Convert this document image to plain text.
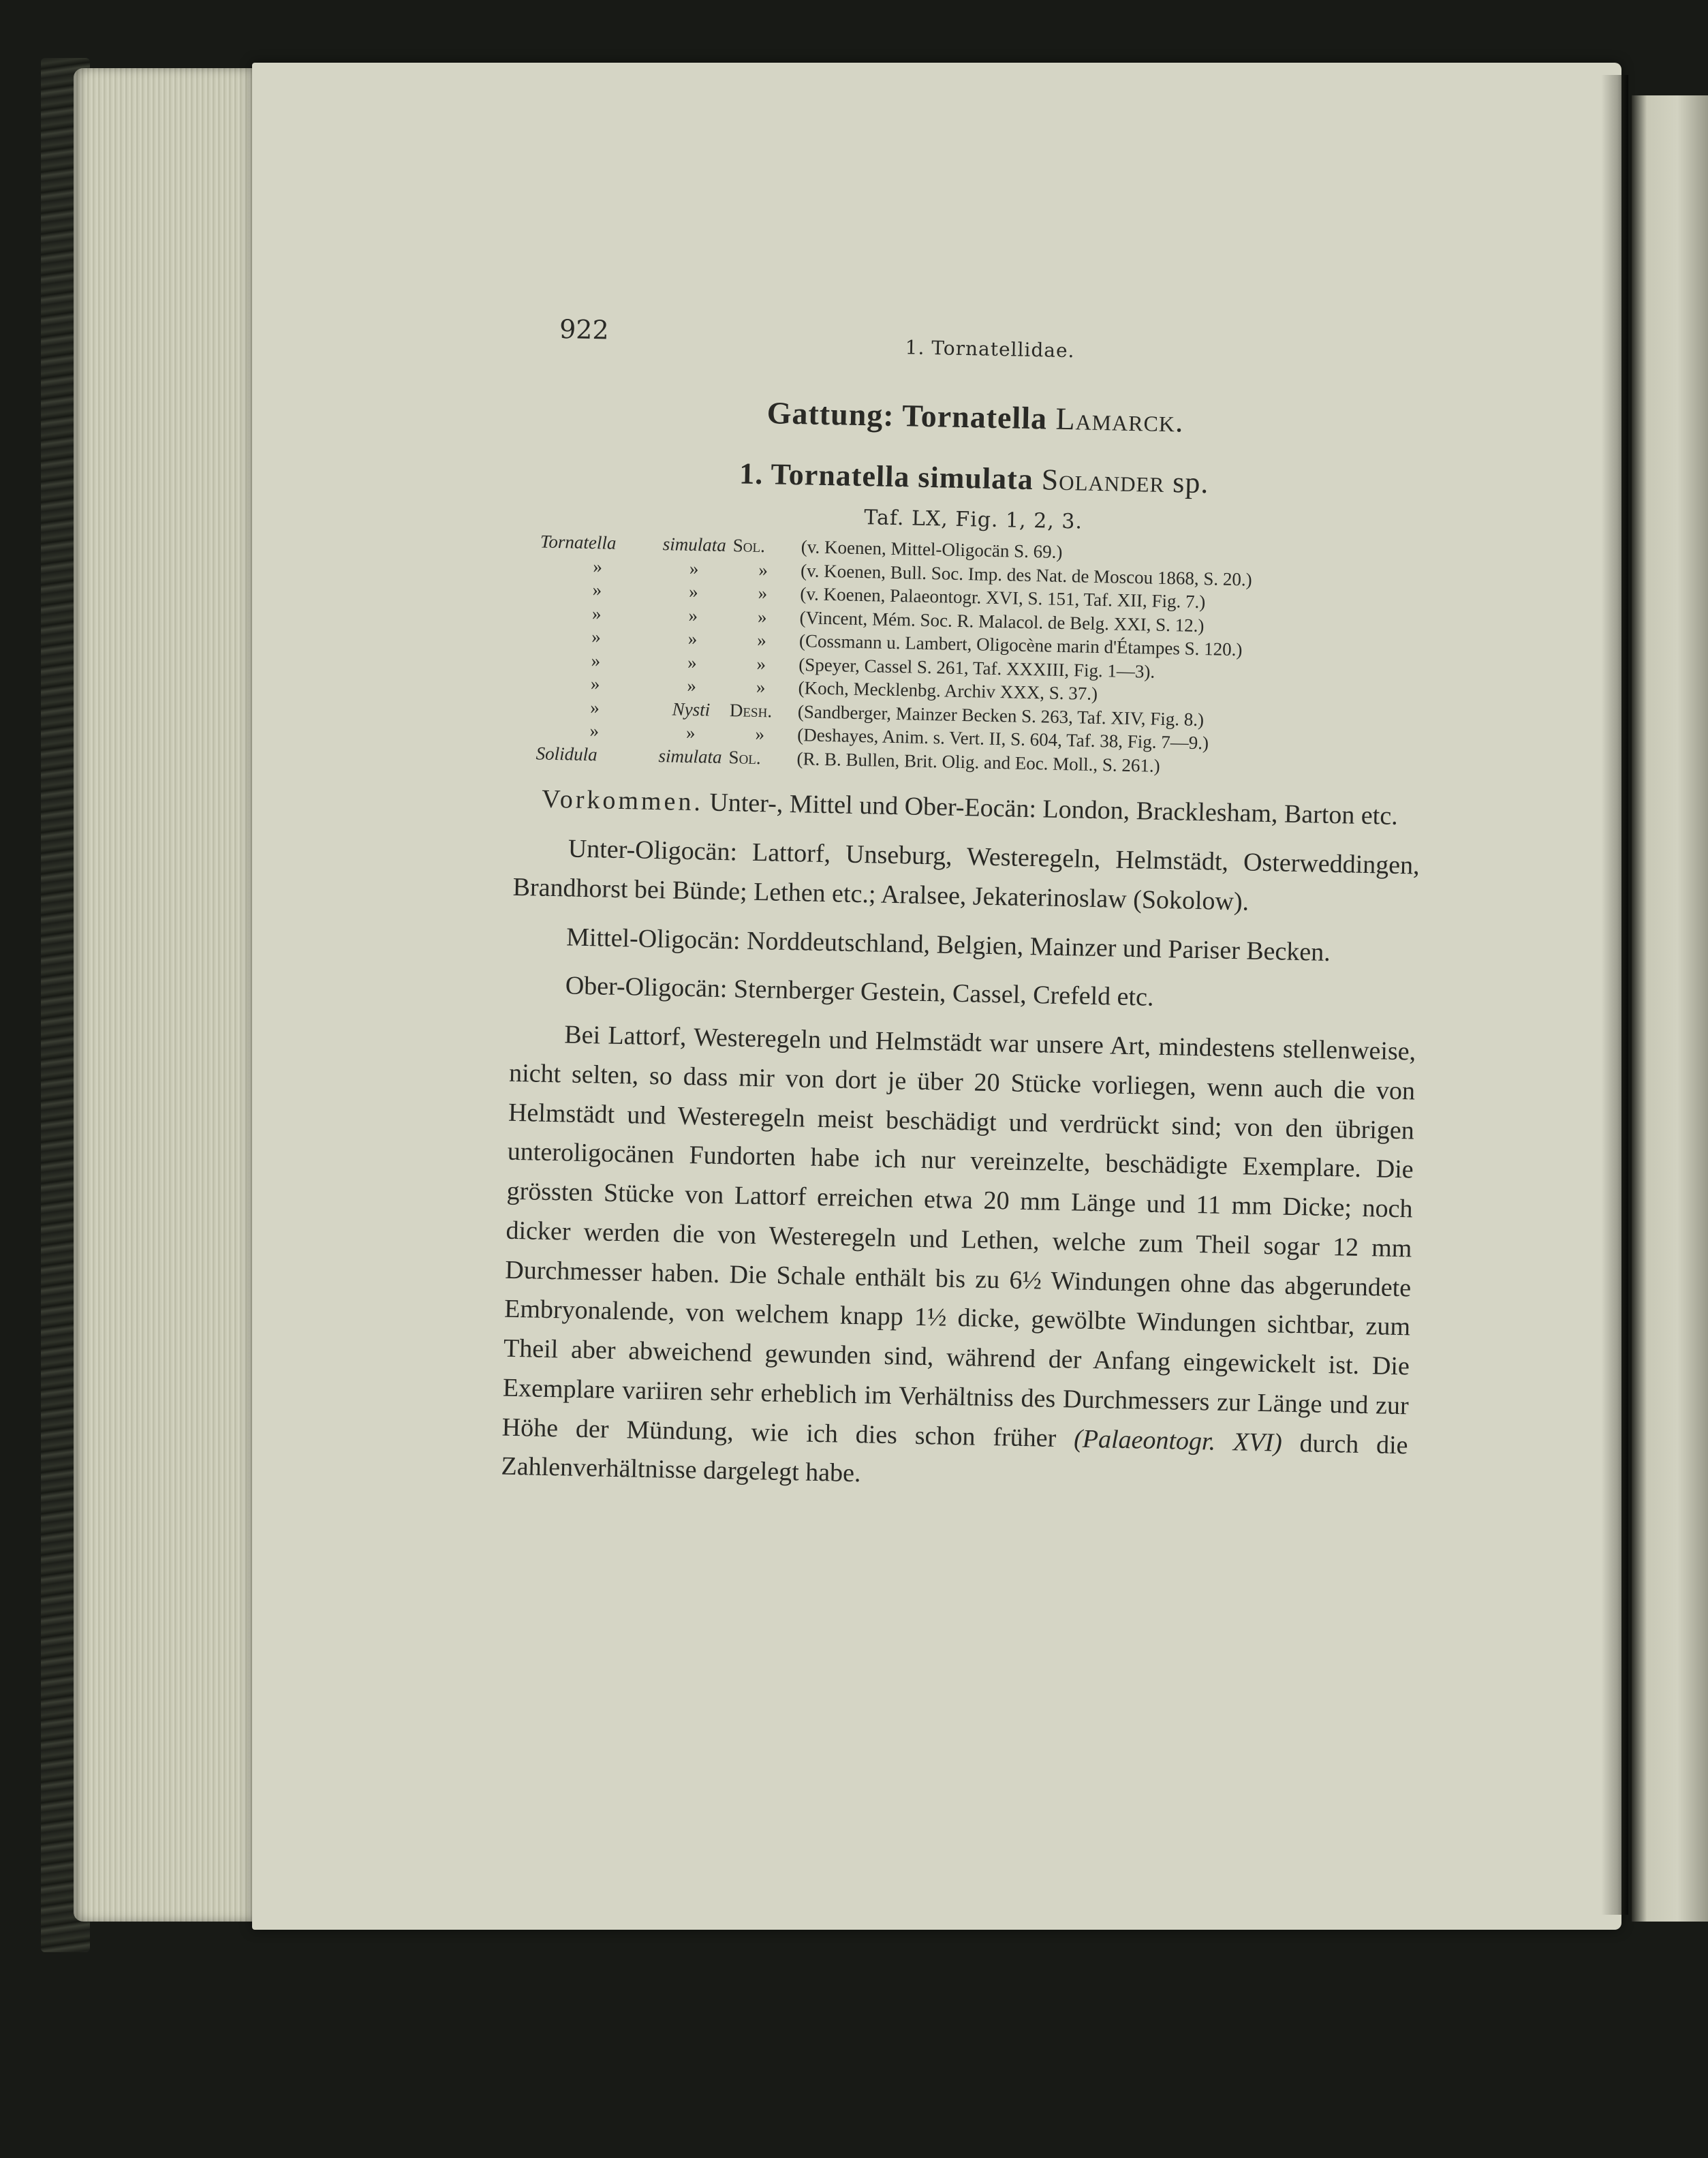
922
1. Tornatellidae.
Gattung: Tornatella Lamarck.
1. Tornatella simulata Solander sp.
Taf. LX, Fig. 1, 2, 3.
Tornatella	simulata	Sol.	(v. Koenen, Mittel-Oligocän S. 69.)
»	»	»	(v. Koenen, Bull. Soc. Imp. des Nat. de Moscou 1868, S. 20.)
»	»	»	(v. Koenen, Palaeontogr. XVI, S. 151, Taf. XII, Fig. 7.)
»	»	»	(Vincent, Mém. Soc. R. Malacol. de Belg. XXI, S. 12.)
»	»	»	(Cossmann u. Lambert, Oligocène marin d'Étampes S. 120.)
»	»	»	(Speyer, Cassel S. 261, Taf. XXXIII, Fig. 1—3).
»	»	»	(Koch, Mecklenbg. Archiv XXX, S. 37.)
»	Nysti	Desh.	(Sandberger, Mainzer Becken S. 263, Taf. XIV, Fig. 8.)
»	»	»	(Deshayes, Anim. s. Vert. II, S. 604, Taf. 38, Fig. 7—9.)
Solidula	simulata	Sol.	(R. B. Bullen, Brit. Olig. and Eoc. Moll., S. 261.)

Vorkommen. Unter-, Mittel und Ober-Eocän: London, Bracklesham, Barton etc.

Unter-Oligocän: Lattorf, Unseburg, Westeregeln, Helmstädt, Osterweddingen, Brandhorst bei Bünde; Lethen etc.; Aralsee, Jekaterinoslaw (Sokolow).

Mittel-Oligocän: Norddeutschland, Belgien, Mainzer und Pariser Becken.

Ober-Oligocän: Sternberger Gestein, Cassel, Crefeld etc.

Bei Lattorf, Westeregeln und Helmstädt war unsere Art, mindestens stellenweise, nicht selten, so dass mir von dort je über 20 Stücke vorliegen, wenn auch die von Helmstädt und Westeregeln meist beschädigt und verdrückt sind; von den übrigen unteroligocänen Fundorten habe ich nur vereinzelte, beschädigte Exemplare. Die grössten Stücke von Lattorf erreichen etwa 20 mm Länge und 11 mm Dicke; noch dicker werden die von Westeregeln und Lethen, welche zum Theil sogar 12 mm Durchmesser haben. Die Schale enthält bis zu 6½ Windungen ohne das abgerundete Embryonalende, von welchem knapp 1½ dicke, gewölbte Windungen sichtbar, zum Theil aber abweichend gewunden sind, während der Anfang eingewickelt ist. Die Exemplare variiren sehr erheblich im Verhältniss des Durchmessers zur Länge und zur Höhe der Mündung, wie ich dies schon früher (Palaeontogr. XVI) durch die Zahlenverhältnisse dargelegt habe.
